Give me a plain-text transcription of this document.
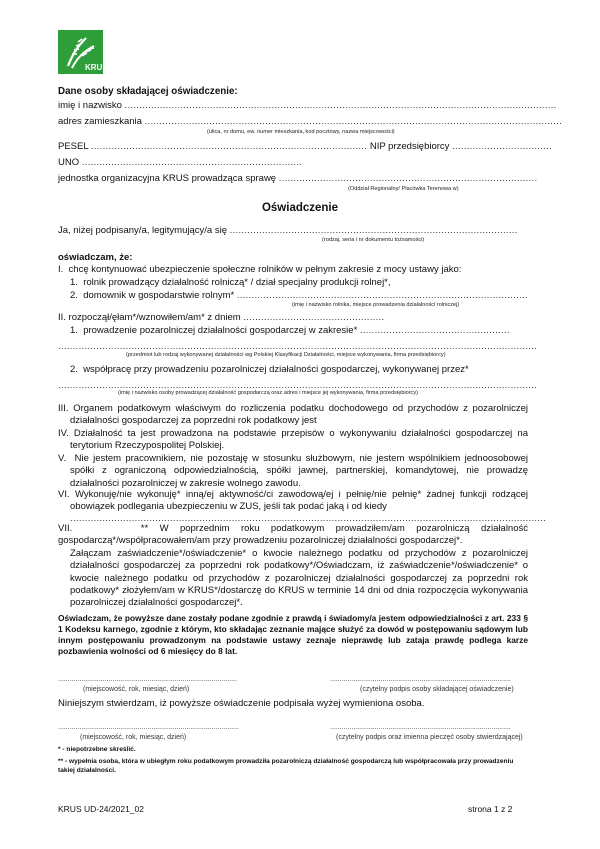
KRUS
Dane osoby składającej oświadczenie:
imię i nazwisko ...................................................................................................................................................
adres zamieszkania ..............................................................................................................................................
(ulica, nr domu, ew. numer mieszkania, kod pocztowy, nazwa miejscowości)
PESEL .............................................................................................. NIP przedsiębiorcy ..................................
UNO ...........................................................................
jednostka organizacyjna KRUS prowadząca sprawę ........................................................................................
(Oddział Regionalny/ Placówka Terenowa w)
Oświadczenie
Ja, niżej podpisany/a, legitymujący/a się ..................................................................................................
(rodzaj, seria i nr dokumentu tożsamości)
oświadczam, że:
I.  chcę kontynuować ubezpieczenie społeczne rolników w pełnym zakresie z mocy ustawy jako:
1.  rolnik prowadzący działalność rolniczą* / dział specjalny produkcji rolnej*,
2.  domownik w gospodarstwie rolnym* ...................................................................................................
(imię i nazwisko rolnika, miejsce prowadzenia działalności rolniczej)
II. rozpoczął/ęłam*/wznowiłem/am* z dniem ................................................
1.  prowadzenie pozarolniczej działalności gospodarczej w zakresie* ...................................................
...................................................................................................................................................................
(przedmiot lub rodzaj wykonywanej działalności wg Polskiej Klasyfikacji Działalności, miejsce wykonywania, firma przedsiębiorcy)
2.  współpracę przy prowadzeniu pozarolniczej działalności gospodarczej, wykonywanej przez*
...................................................................................................................................................................
(imię i nazwisko osoby prowadzącej działalność gospodarczą oraz adres i miejsce jej wykonywania, firma przedsiębiorcy)
III. Organem podatkowym właściwym do rozliczenia podatku dochodowego od przychodów z pozarolniczej działalności gospodarczej za poprzedni rok podatkowy jest
IV. Działalność ta jest prowadzona na podstawie przepisów o wykonywaniu działalności gospodarczej na terytorium Rzeczypospolitej Polskiej.
V.  Nie jestem pracownikiem, nie pozostaję w stosunku służbowym, nie jestem wspólnikiem jednoosobowej spółki z ograniczoną odpowiedzialnością, spółki jawnej, partnerskiej, komandytowej, nie prowadzę działalności pozarolniczej w zakresie wolnego zawodu.
VI. Wykonuję/nie wykonuję* inną/ej aktywność/ci zawodową/ej i pełnię/nie pełnię* żadnej funkcji rodzącej obowiązek podlegania ubezpieczeniu w ZUS, jeśli tak podać jaką i od kiedy
..................................................................................................................................................................
VII.      ** W poprzednim roku podatkowym prowadziłem/am pozarolniczą działalność gospodarczą*/współpracowałem/am przy prowadzeniu pozarolniczej działalności gospodarczej*.
Załączam zaświadczenie*/oświadczenie* o kwocie należnego podatku od przychodów z pozarolniczej działalności gospodarczej za poprzedni rok podatkowy*/Oświadczam, iż zaświadczenie*/oświadczenie* o kwocie należnego podatku od przychodów z pozarolniczej działalności gospodarczej za poprzedni rok podatkowy* złożyłem/am w KRUS*/dostarczę do KRUS w terminie 14 dni od dnia rozpoczęcia wykonywania pozarolniczej działalności gospodarczej*.
Oświadczam, że powyższe dane zostały podane zgodnie z prawdą i świadomy/a jestem odpowiedzialności z art. 233 § 1 Kodeksu karnego, zgodnie z którym, kto składając zeznanie mające służyć za dowód w postępowaniu sądowym lub innym postępowaniu prowadzonym na podstawie ustawy zeznaje nieprawdę lub zataja prawdę podlega karze pozbawienia wolności od 6 miesięcy do 8 lat.
............................................................................................
(miejscowość, rok, miesiąc, dzień)
.............................................................................................
(czytelny podpis osoby składającej oświadczenie)
Niniejszym stwierdzam, iż powyższe oświadczenie podpisała wyżej wymieniona osoba.
.............................................................................................
(miejscowość, rok, miesiąc, dzień)
.............................................................................................
(czytelny podpis oraz imienna pieczęć osoby stwierdzającej)
* - niepotrzebne skreślić.
** - wypełnia osoba, która w ubiegłym roku podatkowym prowadziła pozarolniczą działalność gospodarczą lub współpracowała przy prowadzeniu takiej działalności.
KRUS UD-24/2021_02	strona 1 z 2
